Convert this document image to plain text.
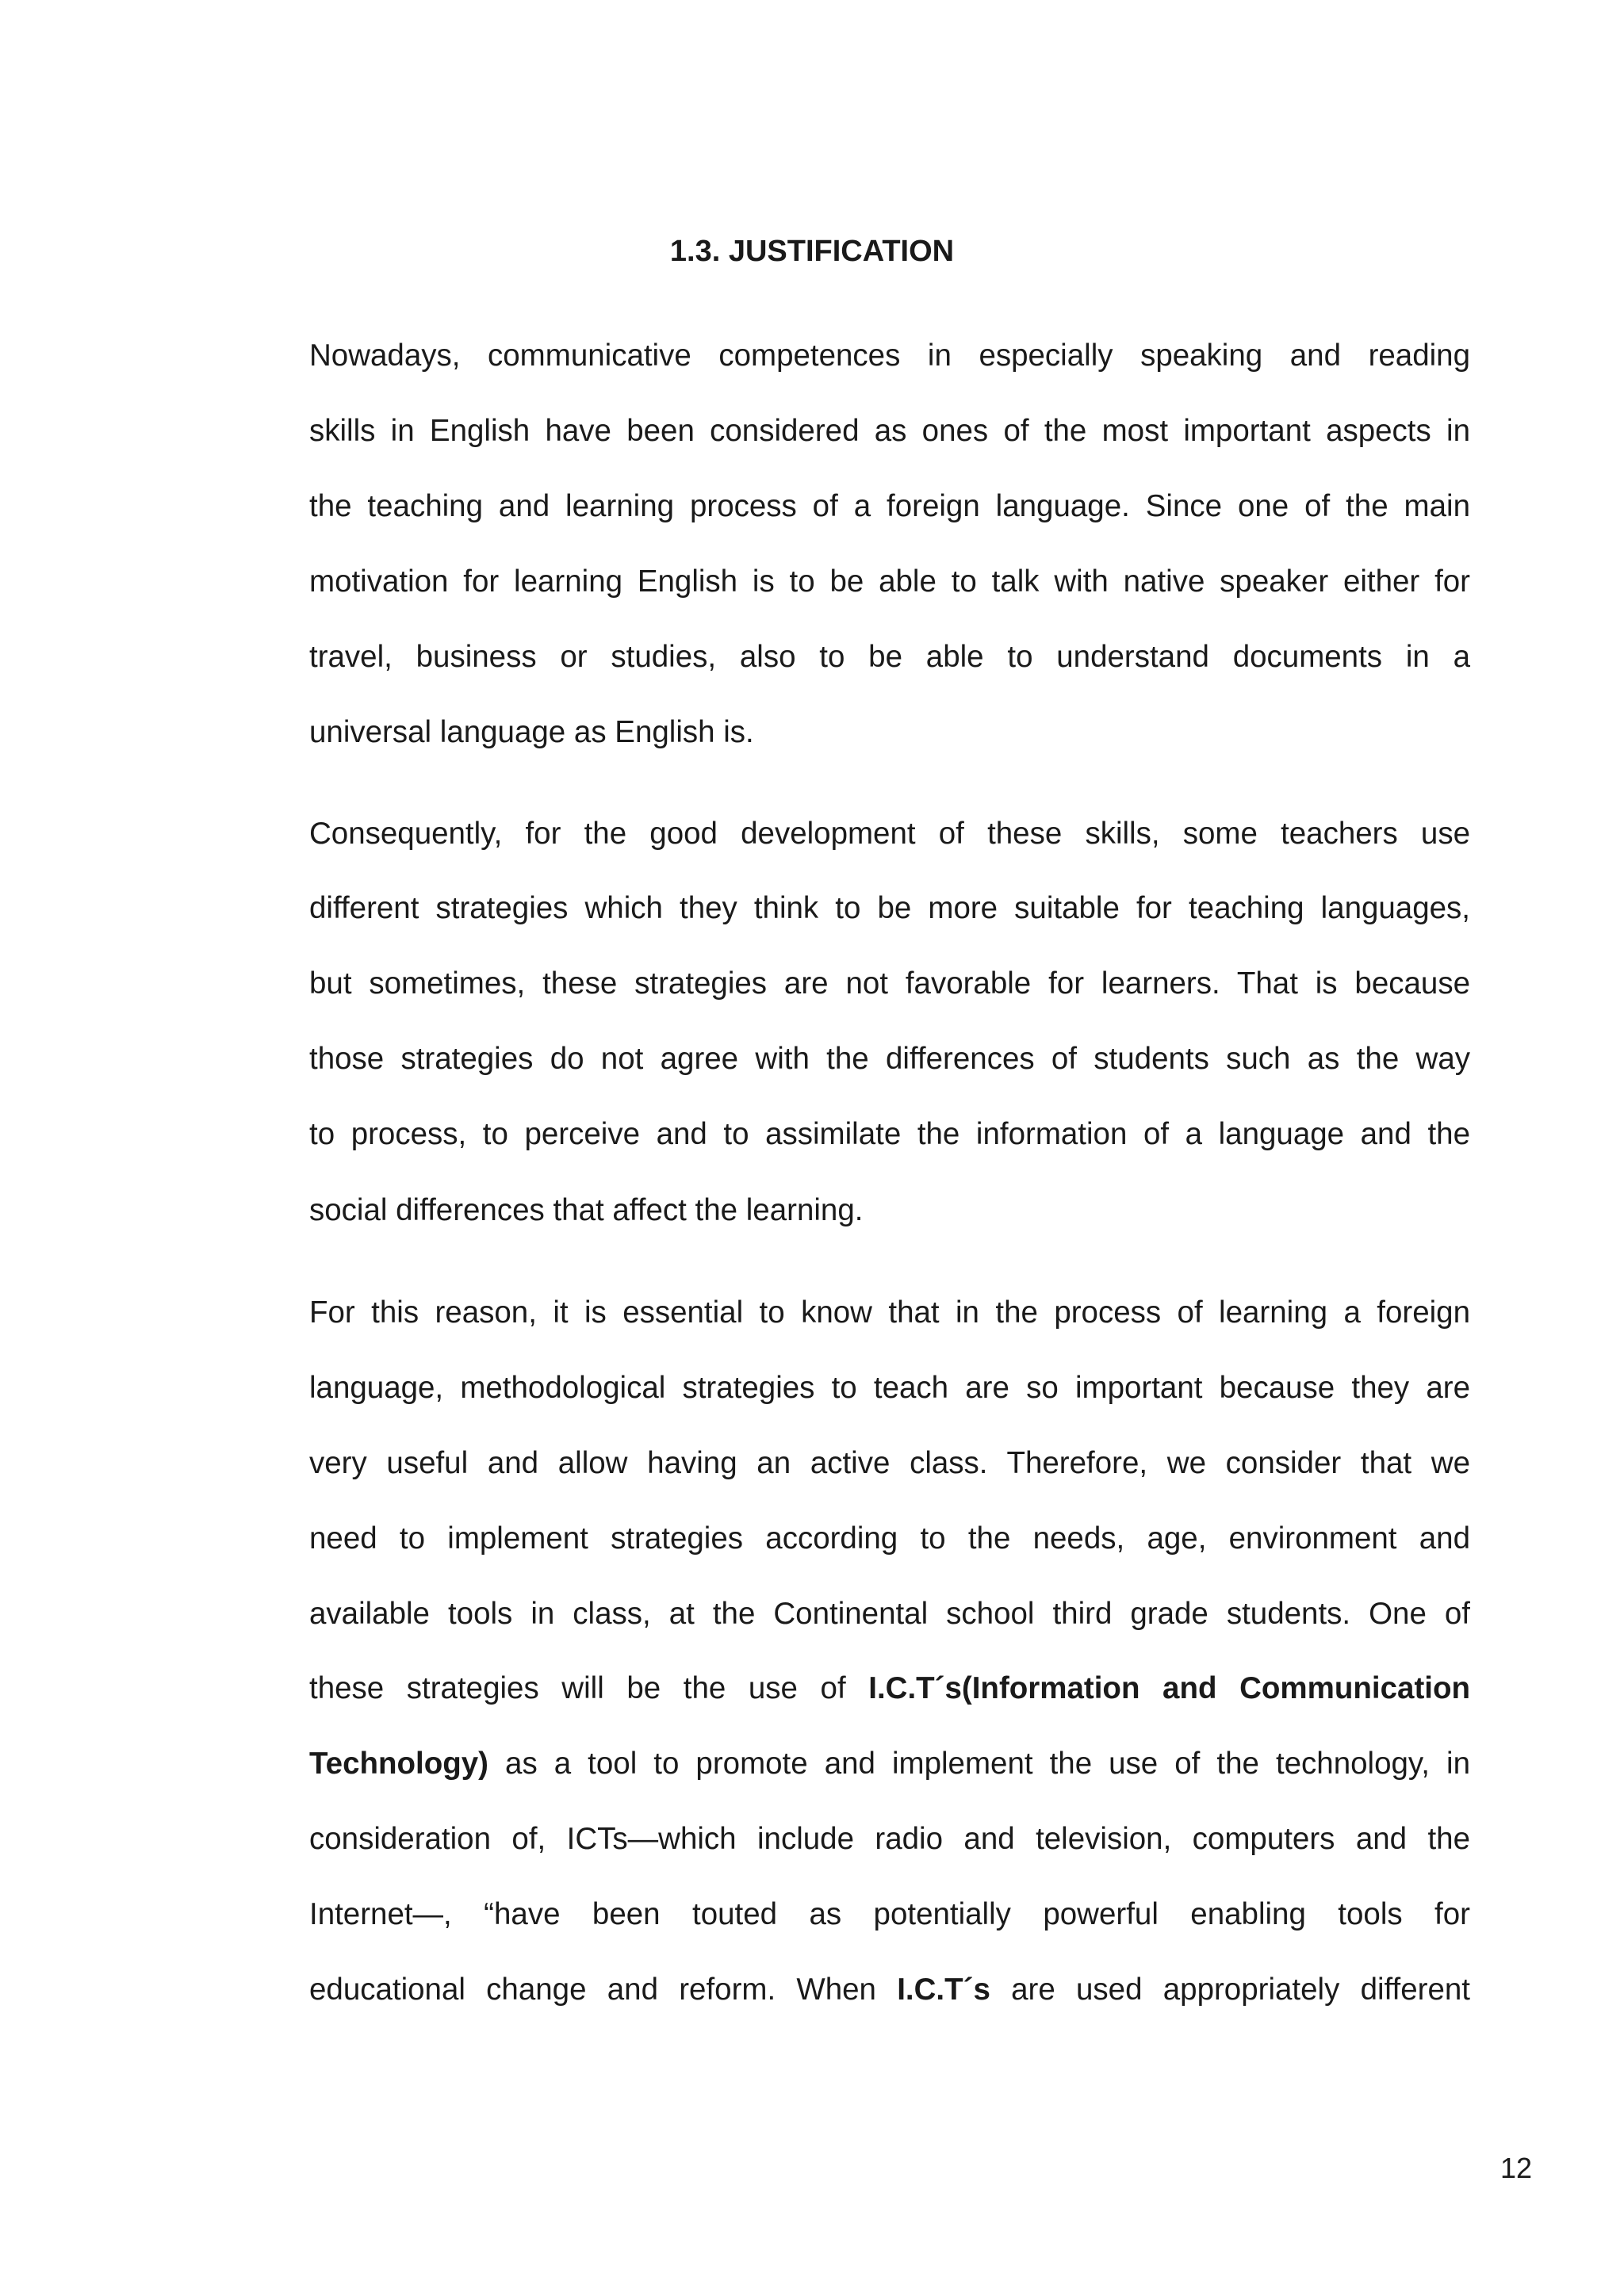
1.3. JUSTIFICATION
Nowadays, communicative competences in especially speaking and reading
skills in English have been considered as ones of the most important aspects in
the teaching and learning process of a foreign language. Since one of the main
motivation for learning English is to be able to talk with native speaker either for
travel, business or studies, also to be able to understand documents in a
universal language as English is.
Consequently, for the good development of these skills, some teachers use
different strategies which they think to be more suitable for teaching languages,
but sometimes, these strategies are not favorable for learners. That is because
those strategies do not agree with the differences of students such as the way
to process, to perceive and to assimilate the information of a language and the
social differences that affect the learning.
For this reason, it is essential to know that in the process of learning a foreign
language, methodological strategies to teach are so important because they are
very useful and allow having an active class. Therefore, we consider that we
need to implement strategies according to the needs, age, environment and
available tools in class, at the Continental school third grade students. One of
these strategies will be the use of I.C.T´s(Information and Communication
Technology) as a tool to promote and implement the use of the technology, in
consideration of, ICTs—which include radio and television, computers and the
Internet—, “have been touted as potentially powerful enabling tools for
educational change and reform. When I.C.T´s are used appropriately different
12
